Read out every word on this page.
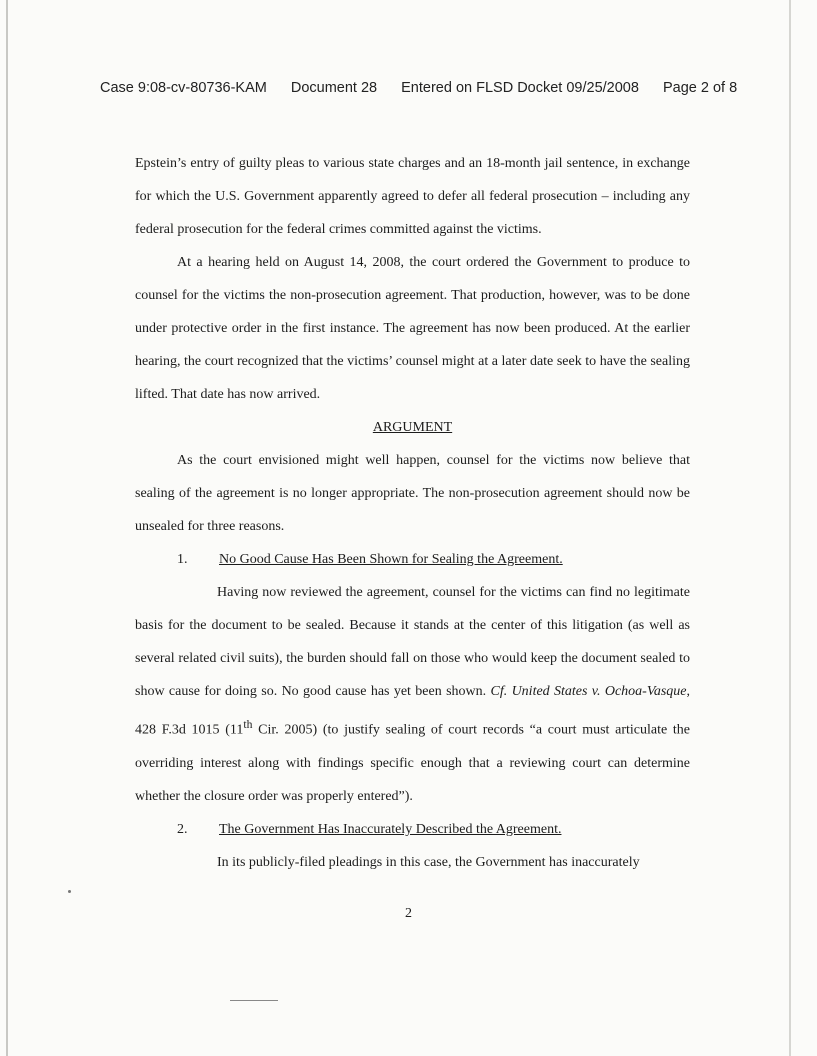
Case 9:08-cv-80736-KAM Document 28 Entered on FLSD Docket 09/25/2008 Page 2 of 8

Epstein’s entry of guilty pleas to various state charges and an 18-month jail sentence, in exchange for which the U.S. Government apparently agreed to defer all federal prosecution – including any federal prosecution for the federal crimes committed against the victims.

At a hearing held on August 14, 2008, the court ordered the Government to produce to counsel for the victims the non-prosecution agreement. That production, however, was to be done under protective order in the first instance. The agreement has now been produced. At the earlier hearing, the court recognized that the victims’ counsel might at a later date seek to have the sealing lifted. That date has now arrived.

ARGUMENT

As the court envisioned might well happen, counsel for the victims now believe that sealing of the agreement is no longer appropriate. The non-prosecution agreement should now be unsealed for three reasons.

1. No Good Cause Has Been Shown for Sealing the Agreement.

Having now reviewed the agreement, counsel for the victims can find no legitimate basis for the document to be sealed. Because it stands at the center of this litigation (as well as several related civil suits), the burden should fall on those who would keep the document sealed to show cause for doing so. No good cause has yet been shown. Cf. United States v. Ochoa-Vasque, 428 F.3d 1015 (11th Cir. 2005) (to justify sealing of court records “a court must articulate the overriding interest along with findings specific enough that a reviewing court can determine whether the closure order was properly entered”).

2. The Government Has Inaccurately Described the Agreement.

In its publicly-filed pleadings in this case, the Government has inaccurately

2
